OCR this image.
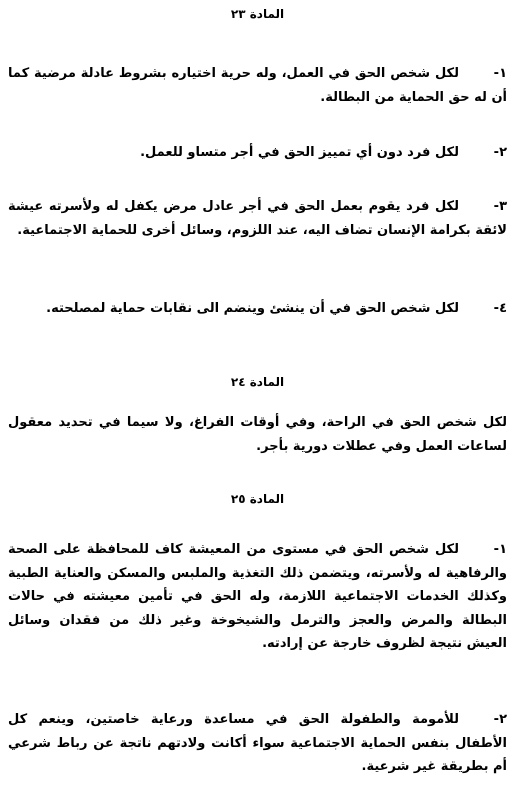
المادة ٢٣
١-لكل شخص الحق في العمل، وله حرية اختياره بشروط عادلة مرضية كما أن له حق الحماية من البطالة.
٢-لكل فرد دون أي تمييز الحق في أجر متساو للعمل.
٣-لكل فرد يقوم بعمل الحق في أجر عادل مرض يكفل له ولأسرته عيشة لائقة بكرامة الإنسان تضاف اليه، عند اللزوم، وسائل أخرى للحماية الاجتماعية.
٤-لكل شخص الحق في أن ينشئ وينضم الى نقابات حماية لمصلحته.
المادة ٢٤
لكل شخص الحق في الراحة، وفي أوقات الفراغ، ولا سيما في تحديد معقول لساعات العمل وفي عطلات دورية بأجر.
المادة ٢٥
١-لكل شخص الحق في مستوى من المعيشة كاف للمحافظة على الصحة والرفاهية له ولأسرته، ويتضمن ذلك التغذية والملبس والمسكن والعناية الطبية وكذلك الخدمات الاجتماعية اللازمة، وله الحق في تأمين معيشته في حالات البطالة والمرض والعجز والترمل والشيخوخة وغير ذلك من فقدان وسائل العيش نتيجة لظروف خارجة عن إرادته.
٢-للأمومة والطفولة الحق في مساعدة ورعاية خاصتين، وينعم كل الأطفال بنفس الحماية الاجتماعية سواء أكانت ولادتهم ناتجة عن رباط شرعي أم بطريقة غير شرعية.
